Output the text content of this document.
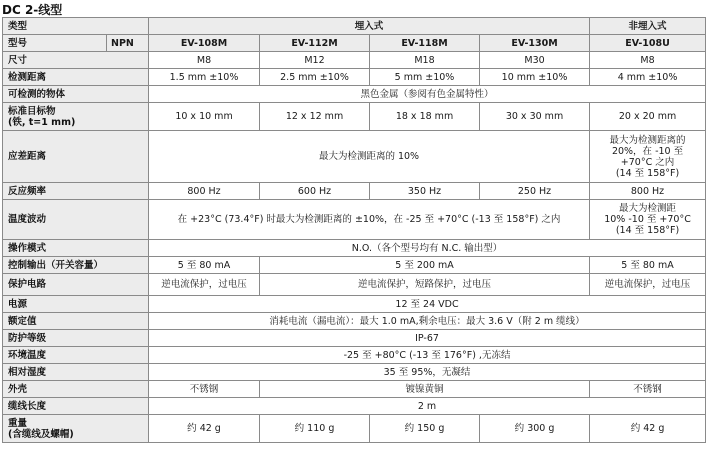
DC 2-线型
类型		埋入式				非埋入式
型号	NPN	EV-108M	EV-112M	EV-118M	EV-130M	EV-108U
尺寸		M8	M12	M18	M30	M8
检测距离		1.5 mm ±10%	2.5 mm ±10%	5 mm ±10%	10 mm ±10%	4 mm ±10%
可检测的物体		黑色金属（参阅有色金属特性）				

标准目标物
(铁, t=1 mm)		10 x 10 mm	12 x 12 mm	18 x 18 mm	30 x 30 mm	20 x 20 mm
应差距离		最大为检测距离的 10%				最大为检测距离的
20%，在 -10 至
+70°C 之内
(14 至 158°F)

反应频率		800 Hz	600 Hz	350 Hz	250 Hz	800 Hz
温度波动		在 +23°C (73.4°F) 时最大为检测距离的 ±10%，在 -25 至 +70°C (-13 至 158°F) 之内				最大为检测距
10% -10 至 +70°C
(14 至 158°F)

操作模式		N.O.（各个型号均有 N.C. 输出型）				
控制输出（开关容量）		5 至 80 mA	5 至 200 mA			5 至 80 mA
保护电路		逆电流保护，过电压	逆电流保护，短路保护，过电压			逆电流保护，过电压
电源		12 至 24 VDC				
额定值		消耗电流（漏电流）：最大 1.0 mA,剩余电压：最大 3.6 V（附 2 m 缆线）				
防护等级		IP-67				
环境温度		-25 至 +80°C (-13 至 176°F) ,无冻结				
相对湿度		35 至 95%，无凝结				
外壳		不锈钢	镀镍黄铜			不锈钢
缆线长度		2 m				

重量
(含缆线及螺帽)		约 42 g	约 110 g	约 150 g	约 300 g	约 42 g
